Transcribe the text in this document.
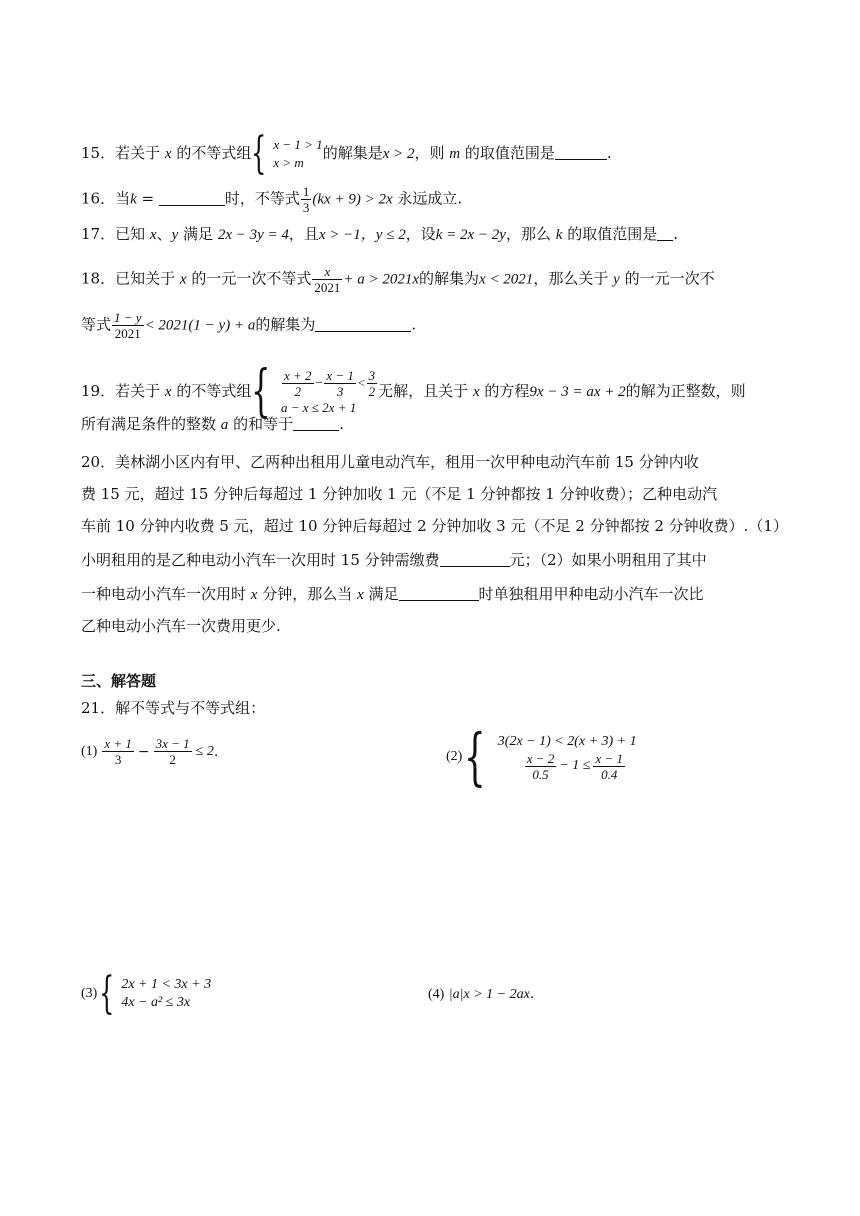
15．若关于 x 的不等式组 { x − 1 > 1
x > m
的解集是x > 2，则 m 的取值范围是	.
16．当k =	时，不等式 $\frac{1}{3} (kx + 9) > 2x$ 永远成立.
17．已知 x、y 满足 2x − 3y = 4，且x > −1，y ≤ 2，设k = 2x − 2y，那么 k 的取值范围是 .
18．已知关于 x 的一元一次不等式 $\frac{x}{2021} + a > 2021x$的解集为x < 2021，那么关于 y 的一元一次不
等式 $\frac{1 - y}{2021} < 2021(1 - y) + a$的解集为	.
19．若关于 x 的不等式组 { $\frac{x + 2}{2} - \frac{x - 1}{3} < \frac{3}{2}$
a − x ≤ 2x + 1
无解，且关于 x 的方程9x − 3 = ax + 2的解为正整数，则
所有满足条件的整数 a 的和等于	.
20．美林湖小区内有甲、乙两种出租用儿童电动汽车，租用一次甲种电动汽车前 15 分钟内收
费 15 元，超过 15 分钟后每超过 1 分钟加收 1 元（不足 1 分钟都按 1 分钟收费）；乙种电动汽
车前 10 分钟内收费 5 元，超过 10 分钟后每超过 2 分钟加收 3 元（不足 2 分钟都按 2 分钟收费）.（1）
小明租用的是乙种电动小汽车一次用时 15 分钟需缴费	元；（2）如果小明租用了其中
一种电动小汽车一次用时 x 分钟，那么当 x 满足	时单独租用甲种电动小汽车一次比
乙种电动小汽车一次费用更少.
三、解答题
21．解不等式与不等式组：
$(1) \frac{x + 1}{3} - \frac{3x - 1}{2} \le 2$ .	(2) { 3(2x − 1) < 2(x + 3) + 1
$\frac{x - 2}{0.5} - 1 \le \frac{x - 1}{0.4}$
(3) { 2x + 1 < 3x + 3
4x − a² ≤ 3x
(4) |a|x > 1 − 2ax.
